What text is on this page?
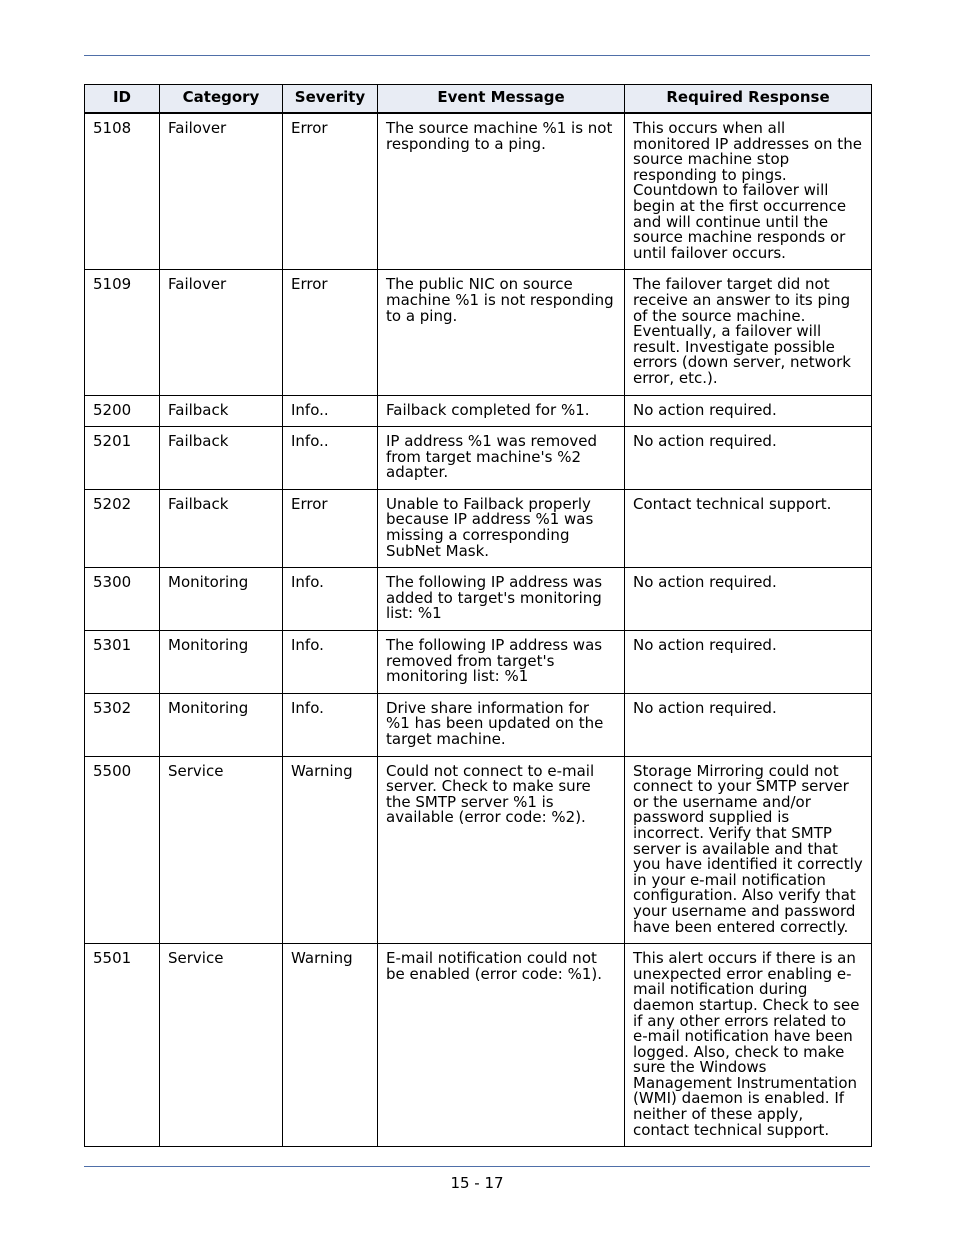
ID	Category	Severity	Event Message	Required Response
5108	Failover	Error	The source machine %1 is not responding to a ping.	This occurs when all monitored IP addresses on the source machine stop responding to pings. Countdown to failover will begin at the first occurrence and will continue until the source machine responds or until failover occurs.
5109	Failover	Error	The public NIC on source machine %1 is not responding to a ping.	The failover target did not receive an answer to its ping of the source machine. Eventually, a failover will result. Investigate possible errors (down server, network error, etc.).
5200	Failback	Info..	Failback completed for %1.	No action required.
5201	Failback	Info..	IP address %1 was removed from target machine's %2 adapter.	No action required.
5202	Failback	Error	Unable to Failback properly because IP address %1 was missing a corresponding SubNet Mask.	Contact technical support.
5300	Monitoring	Info.	The following IP address was added to target's monitoring list: %1	No action required.
5301	Monitoring	Info.	The following IP address was removed from target's monitoring list: %1	No action required.
5302	Monitoring	Info.	Drive share information for %1 has been updated on the target machine.	No action required.
5500	Service	Warning	Could not connect to e-mail server. Check to make sure the SMTP server %1 is available (error code: %2).	Storage Mirroring could not connect to your SMTP server or the username and/or password supplied is incorrect. Verify that SMTP server is available and that you have identified it correctly in your e-mail notification configuration. Also verify that your username and password have been entered correctly.
5501	Service	Warning	E-mail notification could not be enabled (error code: %1).	This alert occurs if there is an unexpected error enabling e-mail notification during daemon startup. Check to see if any other errors related to e-mail notification have been logged. Also, check to make sure the Windows Management Instrumentation (WMI) daemon is enabled. If neither of these apply, contact technical support.
15 - 17
